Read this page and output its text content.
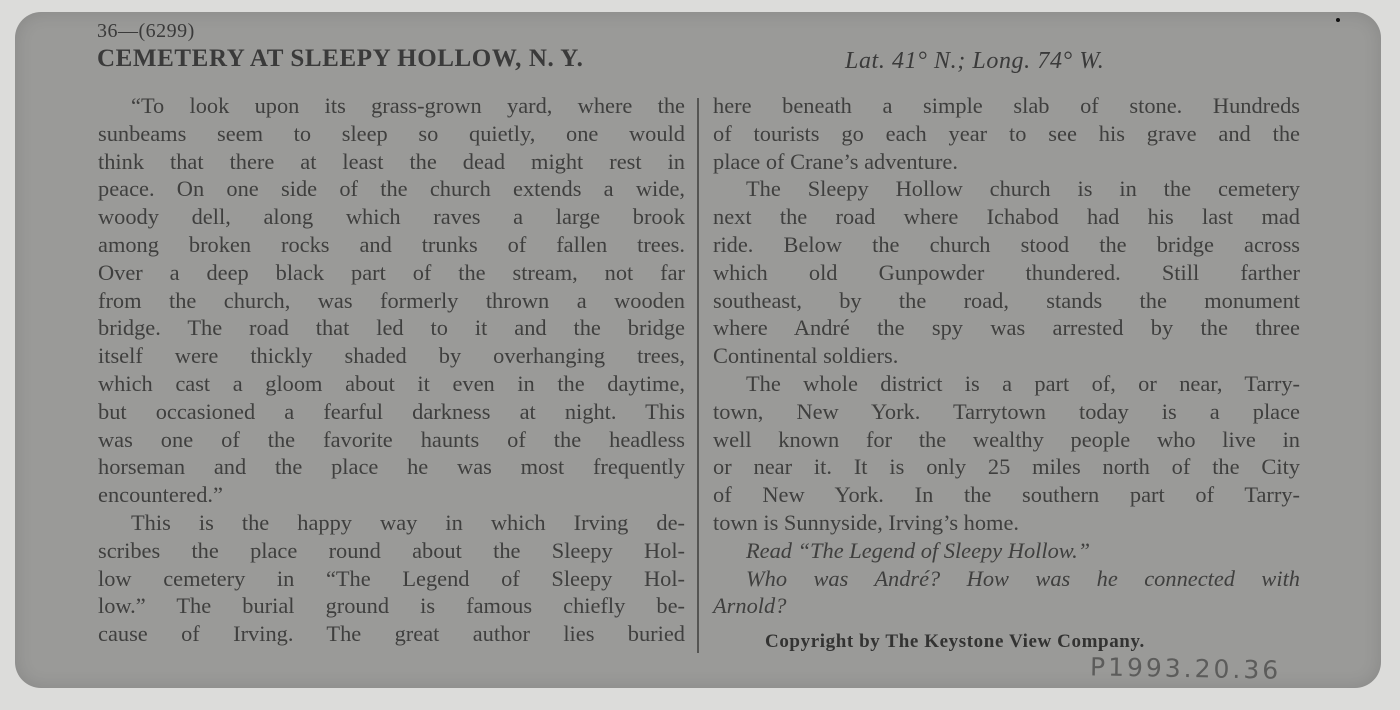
36—(6299)
CEMETERY AT SLEEPY HOLLOW, N. Y.	Lat. 41° N.; Long. 74° W.
“To look upon its grass-grown yard, where the
sunbeams seem to sleep so quietly, one would
think that there at least the dead might rest in
peace. On one side of the church extends a wide,
woody dell, along which raves a large brook
among broken rocks and trunks of fallen trees.
Over a deep black part of the stream, not far
from the church, was formerly thrown a wooden
bridge. The road that led to it and the bridge
itself were thickly shaded by overhanging trees,
which cast a gloom about it even in the daytime,
but occasioned a fearful darkness at night. This
was one of the favorite haunts of the headless
horseman and the place he was most frequently
encountered.”
This is the happy way in which Irving de-
scribes the place round about the Sleepy Hol-
low cemetery in “The Legend of Sleepy Hol-
low.” The burial ground is famous chiefly be-
cause of Irving. The great author lies buried
here beneath a simple slab of stone. Hundreds
of tourists go each year to see his grave and the
place of Crane’s adventure.
The Sleepy Hollow church is in the cemetery
next the road where Ichabod had his last mad
ride. Below the church stood the bridge across
which old Gunpowder thundered. Still farther
southeast, by the road, stands the monument
where André the spy was arrested by the three
Continental soldiers.
The whole district is a part of, or near, Tarry-
town, New York. Tarrytown today is a place
well known for the wealthy people who live in
or near it. It is only 25 miles north of the City
of New York. In the southern part of Tarry-
town is Sunnyside, Irving’s home.
Read “The Legend of Sleepy Hollow.”
Who was André? How was he connected with
Arnold?
Copyright by The Keystone View Company.
P1993.20.36
